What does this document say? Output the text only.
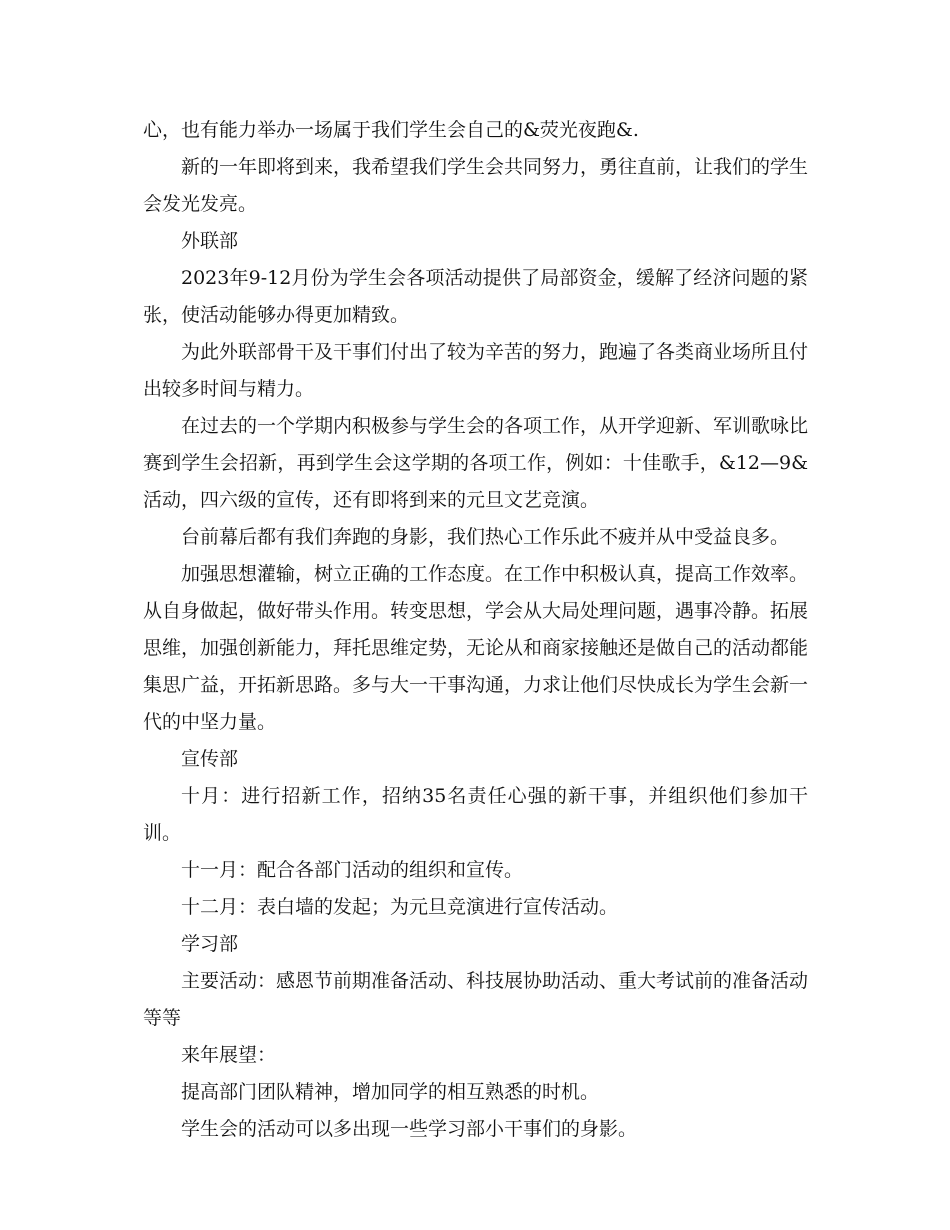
心，也有能力举办一场属于我们学生会自己的&荧光夜跑&.

新的一年即将到来，我希望我们学生会共同努力，勇往直前，让我们的学生会发光发亮。

外联部

2023年9-12月份为学生会各项活动提供了局部资金，缓解了经济问题的紧张，使活动能够办得更加精致。

为此外联部骨干及干事们付出了较为辛苦的努力，跑遍了各类商业场所且付出较多时间与精力。

在过去的一个学期内积极参与学生会的各项工作，从开学迎新、军训歌咏比赛到学生会招新，再到学生会这学期的各项工作，例如：十佳歌手，&12—9&活动，四六级的宣传，还有即将到来的元旦文艺竞演。

台前幕后都有我们奔跑的身影，我们热心工作乐此不疲并从中受益良多。

加强思想灌输，树立正确的工作态度。在工作中积极认真，提高工作效率。从自身做起，做好带头作用。转变思想，学会从大局处理问题，遇事冷静。拓展思维，加强创新能力，拜托思维定势，无论从和商家接触还是做自己的活动都能集思广益，开拓新思路。多与大一干事沟通，力求让他们尽快成长为学生会新一代的中坚力量。

宣传部

十月：进行招新工作，招纳35名责任心强的新干事，并组织他们参加干训。

十一月：配合各部门活动的组织和宣传。

十二月：表白墙的发起；为元旦竞演进行宣传活动。

学习部

主要活动：感恩节前期准备活动、科技展协助活动、重大考试前的准备活动等等

来年展望：

提高部门团队精神，增加同学的相互熟悉的时机。

学生会的活动可以多出现一些学习部小干事们的身影。
